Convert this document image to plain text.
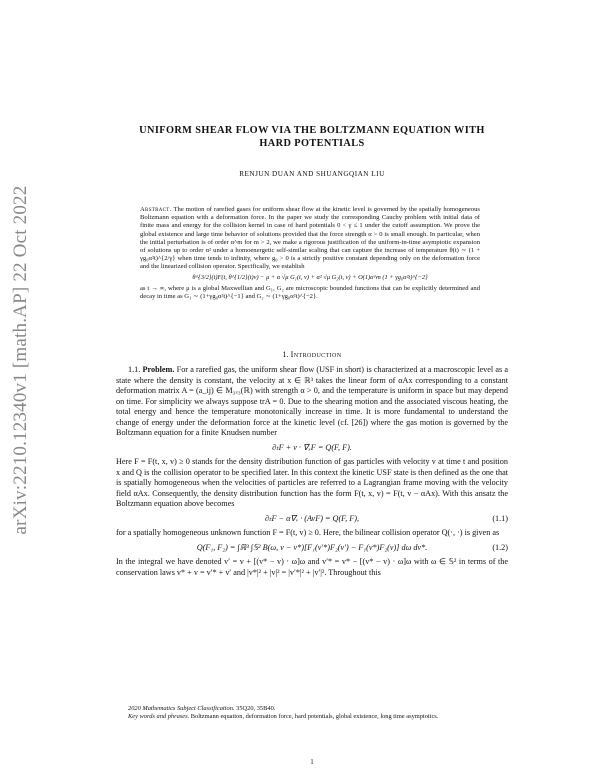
arXiv:2210.12340v1 [math.AP] 22 Oct 2022
UNIFORM SHEAR FLOW VIA THE BOLTZMANN EQUATION WITH
HARD POTENTIALS
RENJUN DUAN AND SHUANGQIAN LIU
Abstract. The motion of rarefied gases for uniform shear flow at the kinetic level is governed by the spatially homogeneous Boltzmann equation with a deformation force. In the paper we study the corresponding Cauchy problem with initial data of finite mass and energy for the collision kernel in case of hard potentials 0 < γ ≤ 1 under the cutoff assumption. We prove the global existence and large time behavior of solutions provided that the force strength α > 0 is small enough. In particular, when the initial perturbation is of order α^m for m > 2, we make a rigorous justification of the uniform-in-time asymptotic expansion of solutions up to order α² under a homoenergetic self-similar scaling that can capture the increase of temperature θ(t) ∼ (1 + γg₀α²t)^{2/γ} when time tends to infinity, where g₀ > 0 is a strictly positive constant depending only on the deformation force and the linearized collision operator. Specifically, we establish
θ^{3/2}(t)F(t, θ^{1/2}(t)v) − μ + α √μ G₁(t, v) + α² √μ G₂(t, v) + O(1)α^m (1 + γg₀α²t)^{−2}
as t → ∞, where μ is a global Maxwellian and G₁, G₂ are microscopic bounded functions that can be explicitly determined and decay in time as G₁ ∼ (1+γg₀α²t)^{−1} and G₂ ∼ (1+γg₀α²t)^{−2}.
1. Introduction

1.1. Problem. For a rarefied gas, the uniform shear flow (USF in short) is characterized at a macroscopic level as a state where the density is constant, the velocity at x ∈ ℝ³ takes the linear form of αAx corresponding to a constant deformation matrix A = (a_ij) ∈ M₃ₓ₃(ℝ) with strength α > 0, and the temperature is uniform in space but may depend on time. For simplicity we always suppose trA = 0. Due to the shearing motion and the associated viscous heating, the total energy and hence the temperature monotonically increase in time. It is more fundamental to understand the change of energy under the deformation force at the kinetic level (cf. [26]) where the gas motion is governed by the Boltzmann equation for a finite Knudsen number

∂ₜF + v · ∇ₓF = Q(F, F).

Here F = F(t, x, v) ≥ 0 stands for the density distribution function of gas particles with velocity v at time t and position x and Q is the collision operator to be specified later. In this context the kinetic USF state is then defined as the one that is spatially homogeneous when the velocities of particles are referred to a Lagrangian frame moving with the velocity field αAx. Consequently, the density distribution function has the form F(t, x, v) = F(t, v − αAx). With this ansatz the Boltzmann equation above becomes

∂ₜF − α∇ᵥ · (AvF) = Q(F, F),	(1.1)

for a spatially homogeneous unknown function F = F(t, v) ≥ 0. Here, the bilinear collision operator Q(·, ·) is given as

Q(F₁, F₂) = ∫ℝ³ ∫𝕊² B(ω, v − v*)[F₁(v′*)F₂(v′) − F₁(v*)F₂(v)] dω dv*.	(1.2)

In the integral we have denoted v′ = v + [(v* − v) · ω]ω and v′* = v* − [(v* − v) · ω]ω with ω ∈ 𝕊² in terms of the conservation laws v* + v = v′* + v′ and |v*|² + |v|² = |v′*|² + |v′|². Throughout this

2020 Mathematics Subject Classification. 35Q20, 35B40.
Key words and phrases. Boltzmann equation, deformation force, hard potentials, global existence, long time asymptotics.
1
